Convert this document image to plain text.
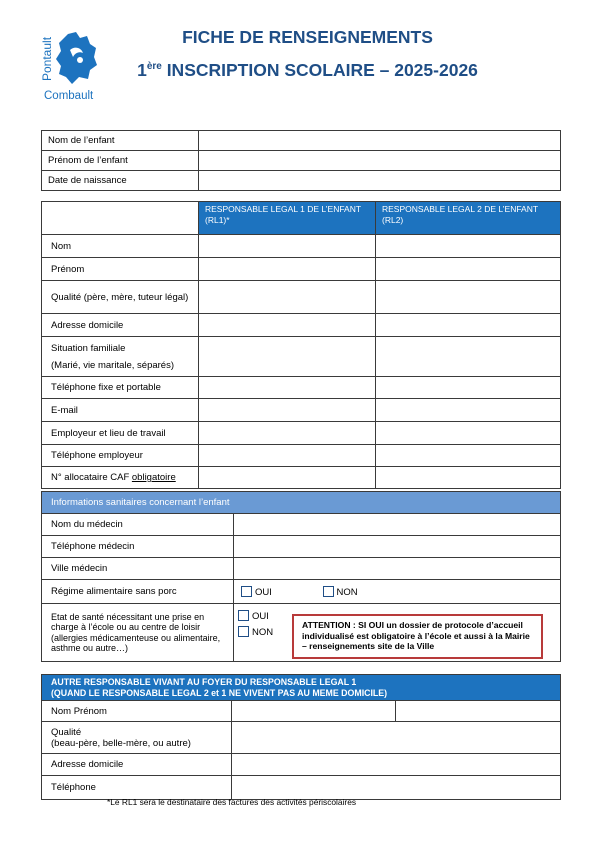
Pontault
Combault
FICHE DE RENSEIGNEMENTS
1ère INSCRIPTION SCOLAIRE – 2025-2026
Nom de l’enfant	
Prénom de l’enfant	
Date de naissance	
	RESPONSABLE LEGAL 1 DE L’ENFANT (RL1)*	RESPONSABLE LEGAL 2 DE L’ENFANT (RL2)
Nom		
Prénom		
Qualité (père, mère, tuteur légal)		
Adresse domicile		

Situation familiale
(Marié, vie maritale, séparés)		

Téléphone fixe et portable		
E-mail		
Employeur et lieu de travail		
Téléphone employeur		
N° allocataire CAF obligatoire		
Informations sanitaires concernant l’enfant	
Nom du médecin	
Téléphone médecin	
Ville médecin	
Régime alimentaire sans porc	OUI NON
Etat de santé nécessitant une prise en charge à l’école ou au centre de loisir (allergies médicamenteuse ou alimentaire, asthme ou autre…)	OUI
NON
ATTENTION : SI OUI un dossier de protocole d’accueil individualisé est obligatoire à l’école et aussi à la Mairie – renseignements site de la Ville
AUTRE RESPONSABLE VIVANT AU FOYER DU RESPONSABLE LEGAL 1
(QUAND LE RESPONSABLE LEGAL 2 et 1 NE VIVENT PAS AU MEME DOMICILE)		

Nom Prénom		

Qualité
(beau-père, belle-mère, ou autre)		

Adresse domicile		
Téléphone		
*Le RL1 sera le destinataire des factures des activités périscolaires
